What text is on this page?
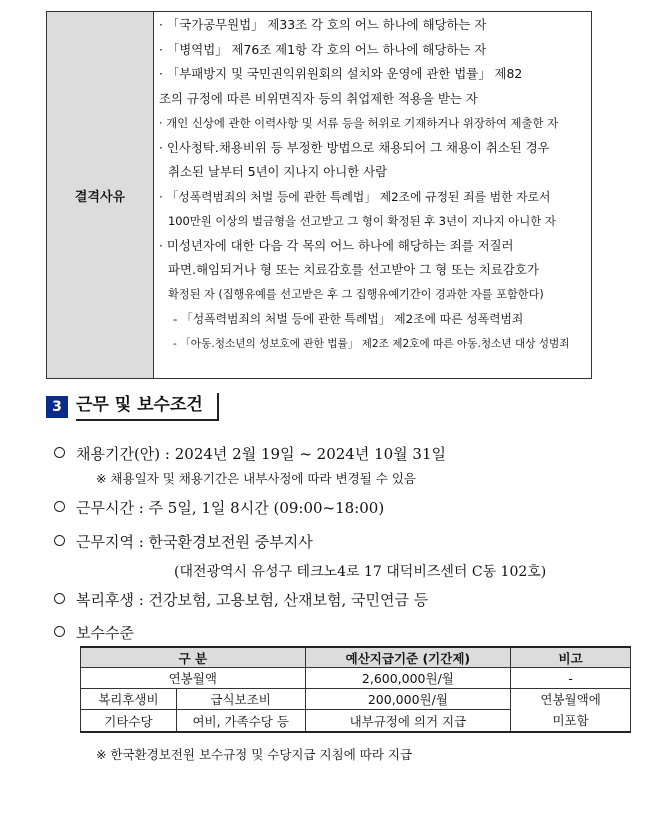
결격사유
· 「국가공무원법」 제33조 각 호의 어느 하나에 해당하는 자
· 「병역법」 제76조 제1항 각 호의 어느 하나에 해당하는 자
· 「부패방지 및 국민권익위원회의 설치와 운영에 관한 법률」 제82
조의 규정에 따른 비위면직자 등의 취업제한 적용을 받는 자
· 개인 신상에 관한 이력사항 및 서류 등을 허위로 기재하거나 위장하여 제출한 자
· 인사청탁․채용비위 등 부정한 방법으로 채용되어 그 채용이 취소된 경우
취소된 날부터 5년이 지나지 아니한 사람
· 「성폭력범죄의 처벌 등에 관한 특례법」 제2조에 규정된 죄를 범한 자로서
100만원 이상의 벌금형을 선고받고 그 형이 확정된 후 3년이 지나지 아니한 자
· 미성년자에 대한 다음 각 목의 어느 하나에 해당하는 죄를 저질러
파면․해임되거나 형 또는 치료감호를 선고받아 그 형 또는 치료감호가
확정된 자 (집행유예를 선고받은 후 그 집행유예기간이 경과한 자를 포함한다)
- 「성폭력범죄의 처벌 등에 관한 특례법」 제2조에 따른 성폭력범죄
- 「아동․청소년의 성보호에 관한 법률」 제2조 제2호에 따른 아동․청소년 대상 성범죄
3 근무 및 보수조건
채용기간(안) : 2024년 2월 19일 ~ 2024년 10월 31일
※ 채용일자 및 채용기간은 내부사정에 따라 변경될 수 있음
근무시간 : 주 5일, 1일 8시간 (09:00~18:00)
근무지역 : 한국환경보전원 중부지사
(대전광역시 유성구 테크노4로 17 대덕비즈센터 C동 102호)
복리후생 : 건강보험, 고용보험, 산재보험, 국민연금 등
보수수준
구 분		예산지급기준 (기간제)	비고
연봉월액		2,600,000원/월	-
복리후생비	급식보조비	200,000원/월	연봉월액에
미포함
기타수당	여비, 가족수당 등	내부규정에 의거 지급	
※ 한국환경보전원 보수규정 및 수당지급 지침에 따라 지급
